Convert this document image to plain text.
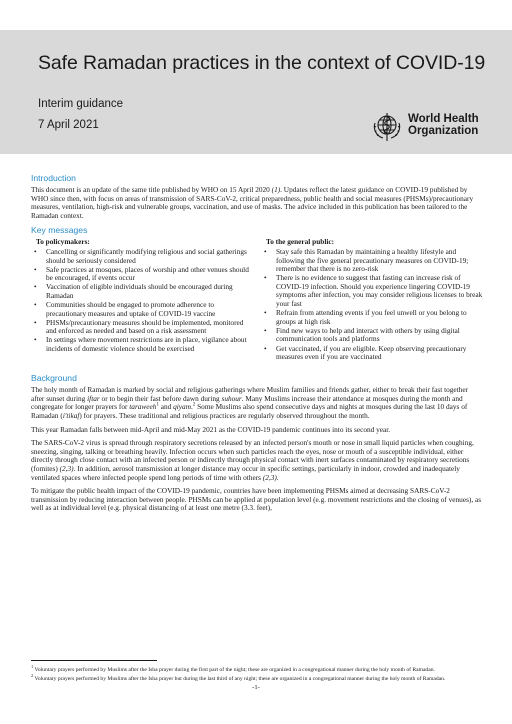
Safe Ramadan practices in the context of COVID-19
Interim guidance
7 April 2021	World Health
Organization
Introduction

This document is an update of the same title published by WHO on 15 April 2020 (1). Updates reflect the latest guidance on COVID-19 published by WHO since then, with focus on areas of transmission of SARS-CoV-2, critical preparedness, public health and social measures (PHSMs)/precautionary measures, ventilation, high-risk and vulnerable groups, vaccination, and use of masks. The advice included in this publication has been tailored to the Ramadan context.

Key messages
To policymakers:
• Cancelling or significantly modifying religious and social gatherings should be seriously considered
• Safe practices at mosques, places of worship and other venues should be encouraged, if events occur
• Vaccination of eligible individuals should be encouraged during Ramadan
• Communities should be engaged to promote adherence to precautionary measures and uptake of COVID-19 vaccine
• PHSMs/precautionary measures should be implemented, monitored and enforced as needed and based on a risk assessment
• In settings where movement restrictions are in place, vigilance about incidents of domestic violence should be exercised
To the general public:
• Stay safe this Ramadan by maintaining a healthy lifestyle and following the five general precautionary measures on COVID-19; remember that there is no zero-risk
• There is no evidence to suggest that fasting can increase risk of COVID-19 infection. Should you experience lingering COVID-19 symptoms after infection, you may consider religious licenses to break your fast
• Refrain from attending events if you feel unwell or you belong to groups at high risk
• Find new ways to help and interact with others by using digital communication tools and platforms
• Get vaccinated, if you are eligible. Keep observing precautionary measures even if you are vaccinated
Background

The holy month of Ramadan is marked by social and religious gatherings where Muslim families and friends gather, either to break their fast together after sunset during iftar or to begin their fast before dawn during suhour. Many Muslims increase their attendance at mosques during the month and congregate for longer prayers for taraweeh$^1$ and qiyam.$^2$ Some Muslims also spend consecutive days and nights at mosques during the last 10 days of Ramadan (i'tikaf) for prayers. These traditional and religious practices are regularly observed throughout the month.

This year Ramadan falls between mid-April and mid-May 2021 as the COVID-19 pandemic continues into its second year.

The SARS-CoV-2 virus is spread through respiratory secretions released by an infected person's mouth or nose in small liquid particles when coughing, sneezing, singing, talking or breathing heavily. Infection occurs when such particles reach the eyes, nose or mouth of a susceptible individual, either directly through close contact with an infected person or indirectly through physical contact with inert surfaces contaminated by respiratory secretions (fomites) (2,3). In addition, aerosol transmission at longer distance may occur in specific settings, particularly in indoor, crowded and inadequately ventilated spaces where infected people spend long periods of time with others (2,3).

To mitigate the public health impact of the COVID-19 pandemic, countries have been implementing PHSMs aimed at decreasing SARS-CoV-2 transmission by reducing interaction between people. PHSMs can be applied at population level (e.g. movement restrictions and the closing of venues), as well as at individual level (e.g. physical distancing of at least one metre (3.3. feet),

$^1$ Voluntary prayers performed by Muslims after the Isha prayer during the first part of the night; these are organized in a congregational manner during the holy month of Ramadan.
$^2$ Voluntary prayers performed by Muslims after the Isha prayer but during the last third of any night; these are organized in a congregational manner during the holy month of Ramadan.
-1-
